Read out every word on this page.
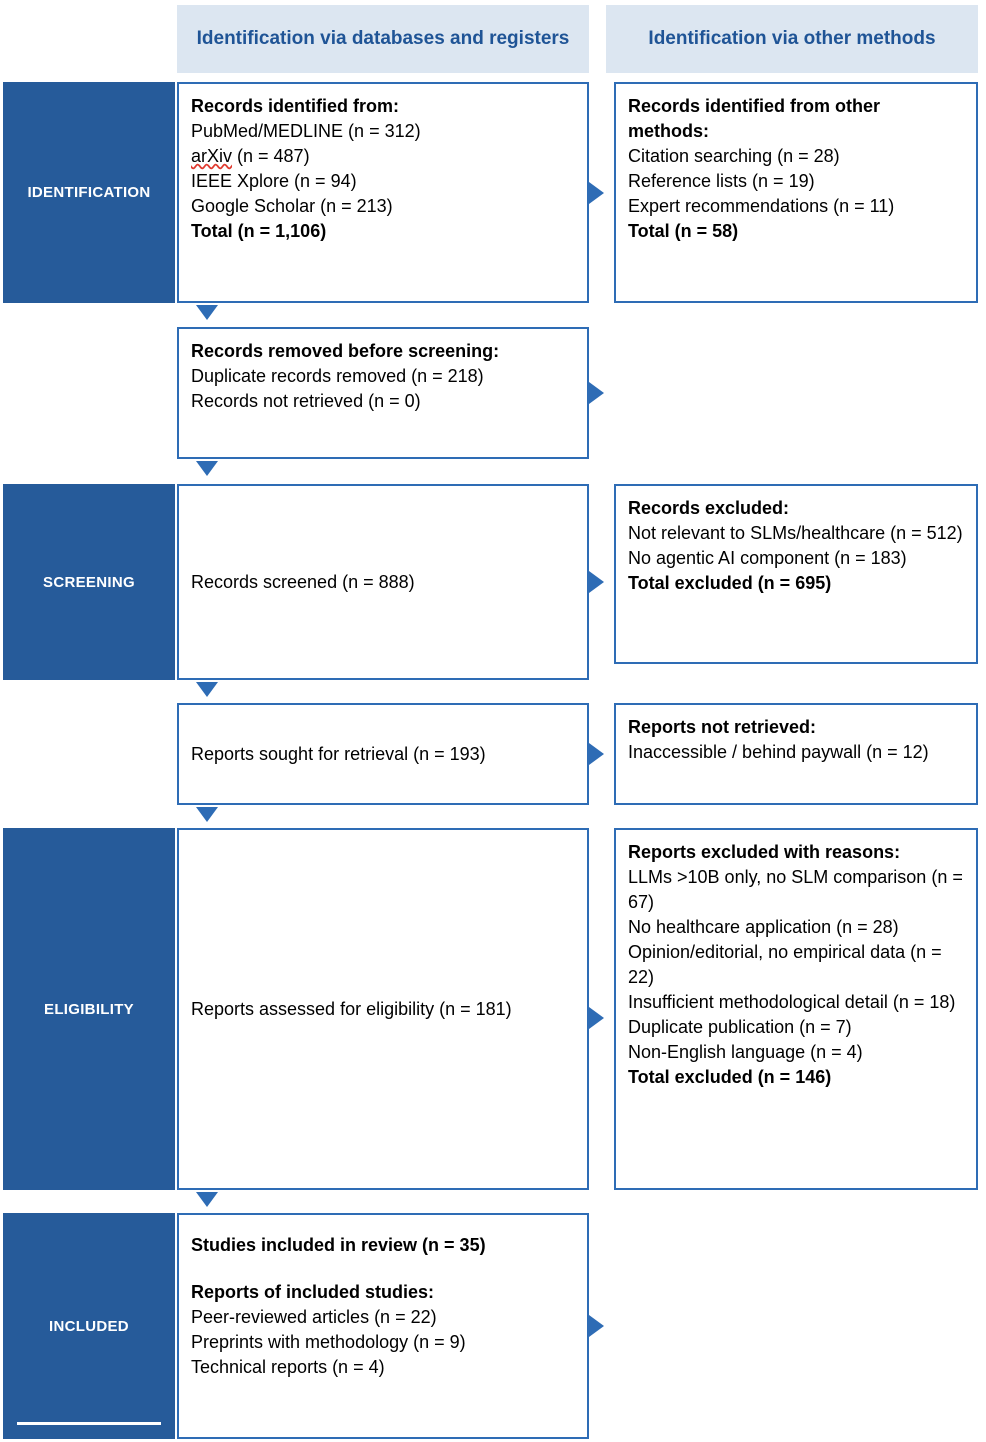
Identification via databases and registers	Identification via other methods
IDENTIFICATION
Records identified from:
PubMed/MEDLINE (n = 312)
arXiv (n = 487)
IEEE Xplore (n = 94)
Google Scholar (n = 213)
Total (n = 1,106)
Records identified from other methods:
Citation searching (n = 28)
Reference lists (n = 19)
Expert recommendations (n = 11)
Total (n = 58)
Records removed before screening:
Duplicate records removed (n = 218)
Records not retrieved (n = 0)
SCREENING	Records screened (n = 888)
Records excluded:
Not relevant to SLMs/healthcare (n = 512)
No agentic AI component (n = 183)
Total excluded (n = 695)
Reports sought for retrieval (n = 193)
Reports not retrieved:
Inaccessible / behind paywall (n = 12)
ELIGIBILITY	Reports assessed for eligibility (n = 181)
Reports excluded with reasons:
LLMs >10B only, no SLM comparison (n = 67)
No healthcare application (n = 28)
Opinion/editorial, no empirical data (n = 22)
Insufficient methodological detail (n = 18)
Duplicate publication (n = 7)
Non-English language (n = 4)
Total excluded (n = 146)
INCLUDED
Studies included in review (n = 35)
Reports of included studies:
Peer-reviewed articles (n = 22)
Preprints with methodology (n = 9)
Technical reports (n = 4)
